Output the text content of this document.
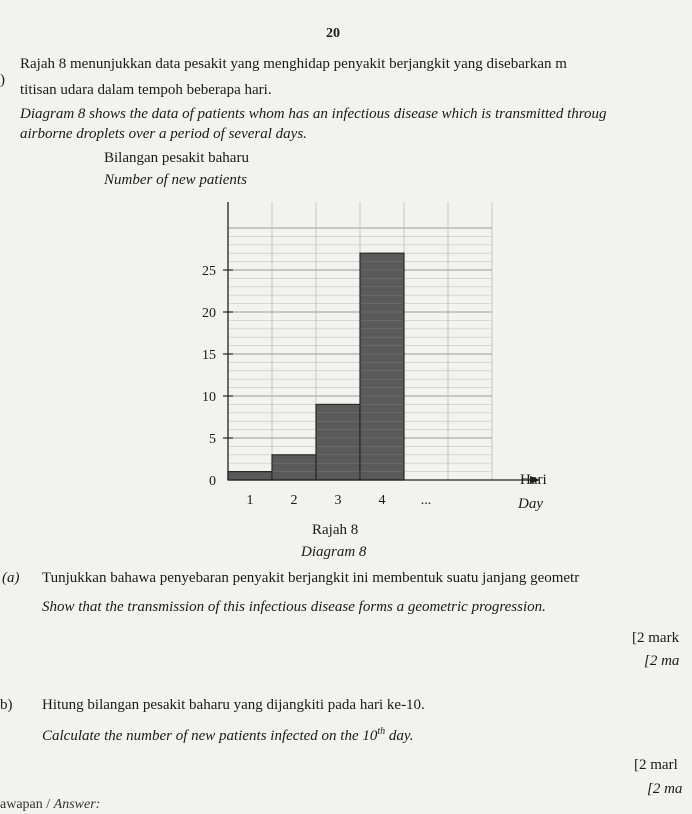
20
)
Rajah 8 menunjukkan data pesakit yang menghidap penyakit berjangkit yang disebarkan m
titisan udara dalam tempoh beberapa hari.
Diagram 8 shows the data of patients whom has an infectious disease which is transmitted throug
airborne droplets over a period of several days.
Bilangan pesakit baharu
Number of new patients
0
5
10
15
20
25
1	2	3	4	...
Hari
Day
Rajah 8
Diagram 8
(a) Tunjukkan bahawa penyebaran penyakit berjangkit ini membentuk suatu janjang geometr
Show that the transmission of this infectious disease forms a geometric progression.
[2 mark
[2 ma
b) Hitung bilangan pesakit baharu yang dijangkiti pada hari ke-10.
Calculate the number of new patients infected on the 10th day.
[2 marl
[2 ma
awapan / Answer:
